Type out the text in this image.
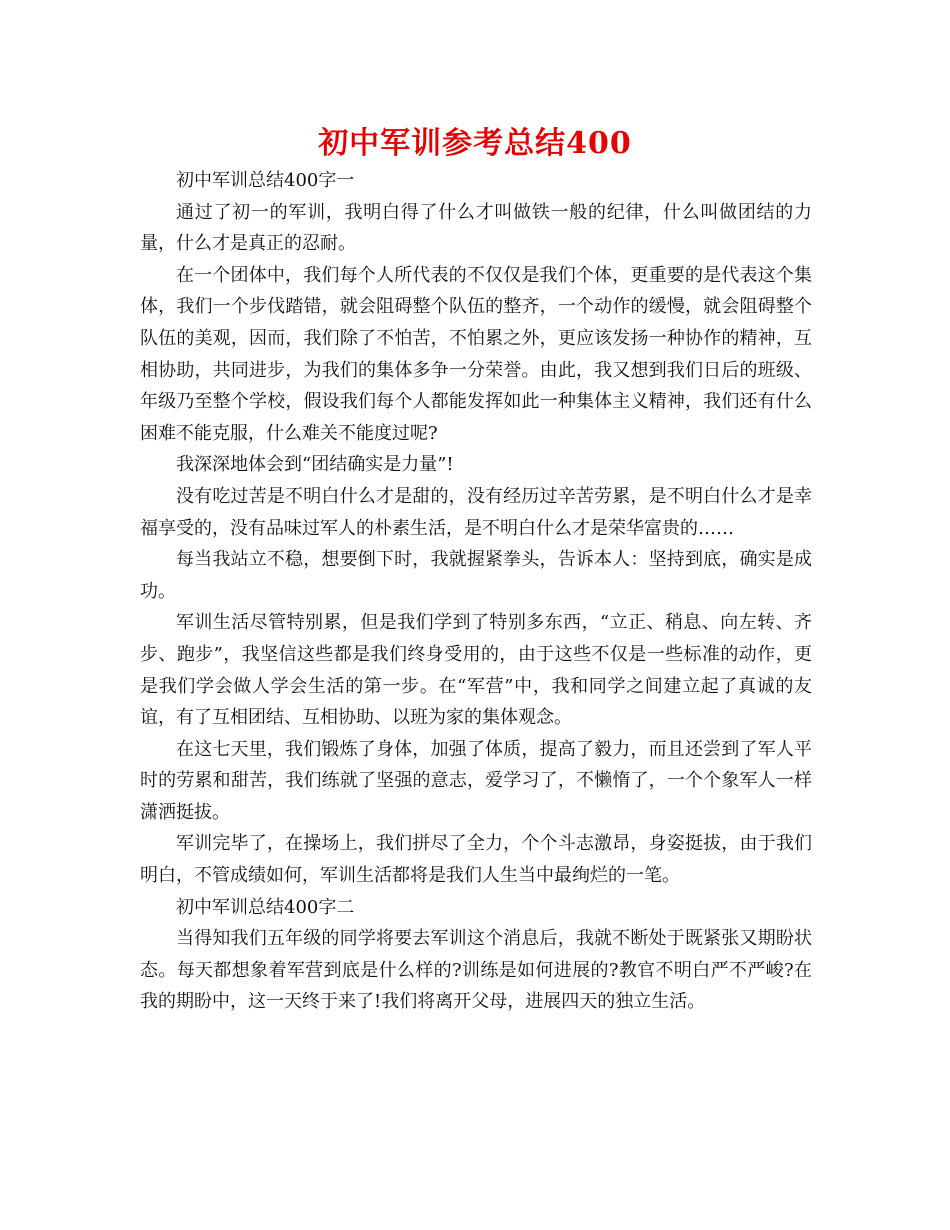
初中军训参考总结400

初中军训总结400字一

通过了初一的军训，我明白得了什么才叫做铁一般的纪律，什么叫做团结的力量，什么才是真正的忍耐。

在一个团体中，我们每个人所代表的不仅仅是我们个体，更重要的是代表这个集体，我们一个步伐踏错，就会阻碍整个队伍的整齐，一个动作的缓慢，就会阻碍整个队伍的美观，因而，我们除了不怕苦，不怕累之外，更应该发扬一种协作的精神，互相协助，共同进步，为我们的集体多争一分荣誉。由此，我又想到我们日后的班级、年级乃至整个学校，假设我们每个人都能发挥如此一种集体主义精神，我们还有什么困难不能克服，什么难关不能度过呢?

我深深地体会到“团结确实是力量”!

没有吃过苦是不明白什么才是甜的，没有经历过辛苦劳累，是不明白什么才是幸福享受的，没有品味过军人的朴素生活，是不明白什么才是荣华富贵的……

每当我站立不稳，想要倒下时，我就握紧拳头，告诉本人：坚持到底，确实是成功。

军训生活尽管特别累，但是我们学到了特别多东西，“立正、稍息、向左转、齐步、跑步”，我坚信这些都是我们终身受用的，由于这些不仅是一些标准的动作，更是我们学会做人学会生活的第一步。在“军营”中，我和同学之间建立起了真诚的友谊，有了互相团结、互相协助、以班为家的集体观念。

在这七天里，我们锻炼了身体，加强了体质，提高了毅力，而且还尝到了军人平时的劳累和甜苦，我们练就了坚强的意志，爱学习了，不懒惰了，一个个象军人一样潇洒挺拔。

军训完毕了，在操场上，我们拼尽了全力，个个斗志激昂，身姿挺拔，由于我们明白，不管成绩如何，军训生活都将是我们人生当中最绚烂的一笔。

初中军训总结400字二

当得知我们五年级的同学将要去军训这个消息后，我就不断处于既紧张又期盼状态。每天都想象着军营到底是什么样的?训练是如何进展的?教官不明白严不严峻?在我的期盼中，这一天终于来了!我们将离开父母，进展四天的独立生活。
